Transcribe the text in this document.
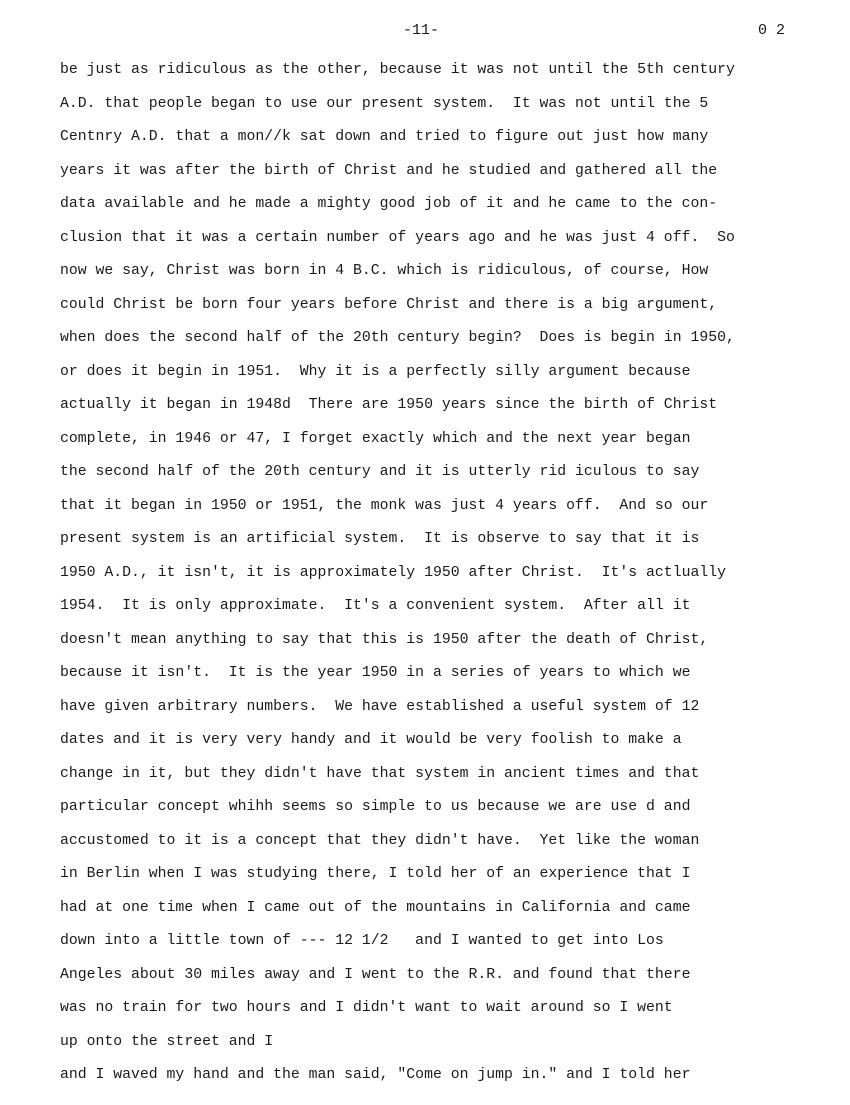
-11-	0 2
be just as ridiculous as the other, because it was not until the 5th century
A.D. that people began to use our present system.  It was not until the 5
Centnry A.D. that a mon//k sat down and tried to figure out just how many
years it was after the birth of Christ and he studied and gathered all the
data available and he made a mighty good job of it and he came to the con-
clusion that it was a certain number of years ago and he was just 4 off.  So
now we say, Christ was born in 4 B.C. which is ridiculous, of course, How
could Christ be born four years before Christ and there is a big argument,
when does the second half of the 20th century begin?  Does is begin in 1950,
or does it begin in 1951.  Why it is a perfectly silly argument because
actually it began in 1948d  There are 1950 years since the birth of Christ
complete, in 1946 or 47, I forget exactly which and the next year began
the second half of the 20th century and it is utterly rid iculous to say
that it began in 1950 or 1951, the monk was just 4 years off.  And so our
present system is an artificial system.  It is observe to say that it is
1950 A.D., it isn't, it is approximately 1950 after Christ.  It's actlually
1954.  It is only approximate.  It's a convenient system.  After all it
doesn't mean anything to say that this is 1950 after the death of Christ,
because it isn't.  It is the year 1950 in a series of years to which we
have given arbitrary numbers.  We have established a useful system of 12
dates and it is very very handy and it would be very foolish to make a
change in it, but they didn't have that system in ancient times and that
particular concept whihh seems so simple to us because we are use d and
accustomed to it is a concept that they didn't have.  Yet like the woman
in Berlin when I was studying there, I told her of an experience that I
had at one time when I came out of the mountains in California and came
down into a little town of --- 12 1/2   and I wanted to get into Los
Angeles about 30 miles away and I went to the R.R. and found that there
was no train for two hours and I didn't want to wait around so I went
up onto the street and I
and I waved my hand and the man said, "Come on jump in." and I told her
